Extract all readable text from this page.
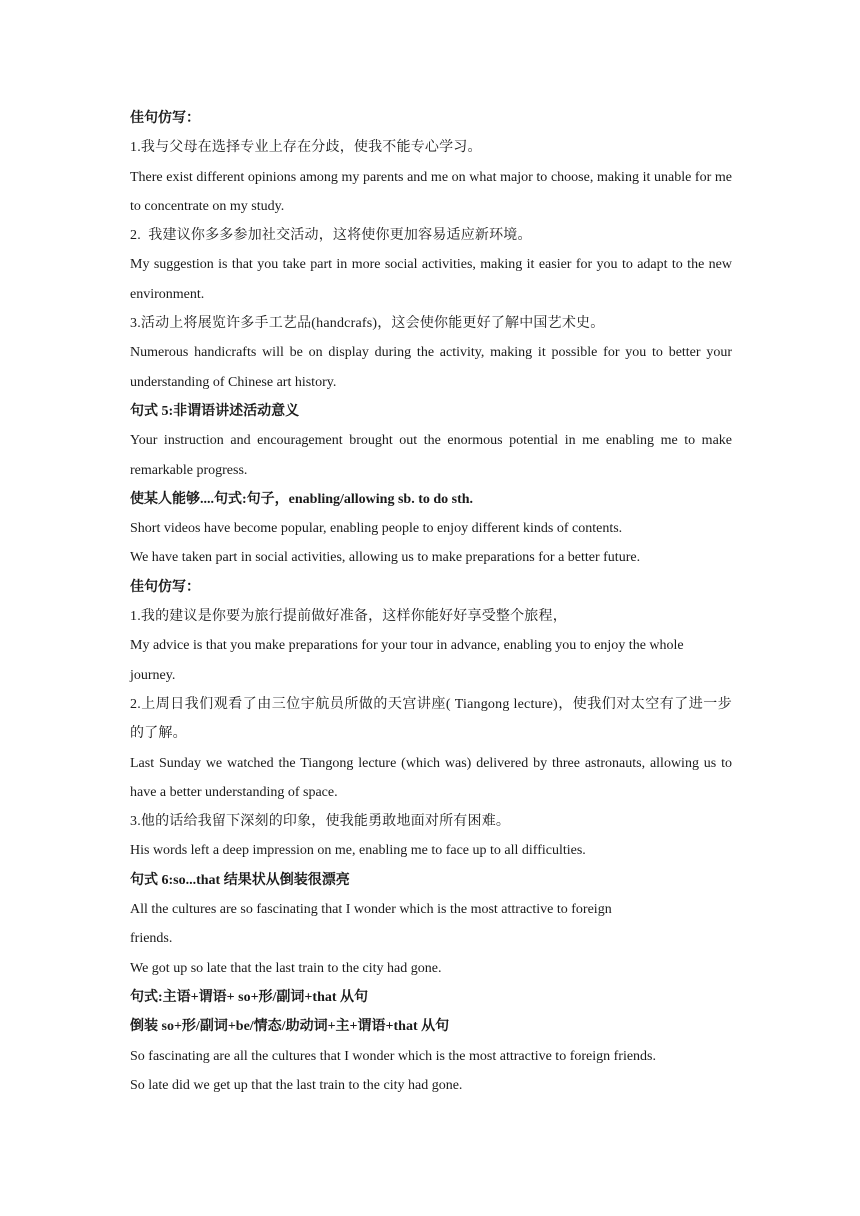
佳句仿写：

1.我与父母在选择专业上存在分歧，使我不能专心学习。

There exist different opinions among my parents and me on what major to choose, making it unable for me to concentrate on my study.

2.  我建议你多多参加社交活动，这将使你更加容易适应新环境。

My suggestion is that you take part in more social activities, making it easier for you to adapt to the new environment.

3.活动上将展览许多手工艺品(handcrafs)，这会使你能更好了解中国艺术史。

Numerous handicrafts will be on display during the activity, making it possible for you to better your understanding of Chinese art history.

句式 5:非谓语讲述活动意义

Your instruction and encouragement brought out the enormous potential in me enabling me to make remarkable progress.

使某人能够....句式:句子，enabling/allowing sb. to do sth.

Short videos have become popular, enabling people to enjoy different kinds of contents.

We have taken part in social activities, allowing us to make preparations for a better future.

佳句仿写：

1.我的建议是你要为旅行提前做好准备，这样你能好好享受整个旅程，

My advice is that you make preparations for your tour in advance, enabling you to enjoy the whole journey.

2.上周日我们观看了由三位宇航员所做的天宫讲座( Tiangong lecture)，使我们对太空有了进一步的了解。

Last Sunday we watched the Tiangong lecture (which was) delivered by three astronauts, allowing us to have a better understanding of space.

3.他的话给我留下深刻的印象，使我能勇敢地面对所有困难。

His words left a deep impression on me, enabling me to face up to all difficulties.

句式 6:so...that 结果状从倒装很漂亮

All the cultures are so fascinating that I wonder which is the most attractive to foreign

friends.

We got up so late that the last train to the city had gone.

句式:主语+谓语+ so+形/副词+that 从句

倒装 so+形/副词+be/情态/助动词+主+谓语+that 从句

So fascinating are all the cultures that I wonder which is the most attractive to foreign friends.

So late did we get up that the last train to the city had gone.
